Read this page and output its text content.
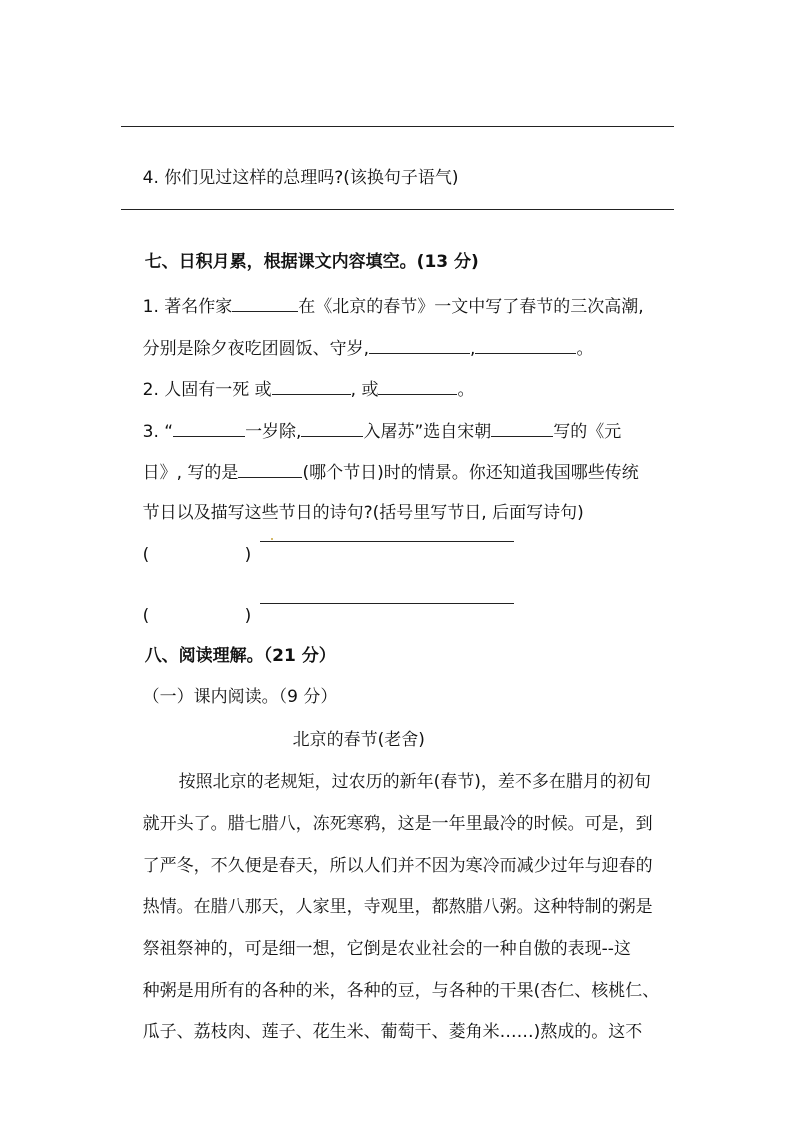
4. 你们见过这样的总理吗?(该换句子语气)

七、日积月累，根据课文内容填空。(13 分)

1. 著名作家	在《北京的春节》一文中写了春节的三次高潮,

分别是除夕夜吃团圆饭、守岁,	,	。

2. 人固有一死 或	, 或	。

3. “	一岁除,	入屠苏”选自宋朝	写的《元

日》, 写的是	(哪个节日)时的情景。你还知道我国哪些传统

节日以及描写这些节日的诗句?(括号里写节日, 后面写诗句)

(
	)

(
	)

八、阅读理解。（21 分）

（一）课内阅读。（9 分）

北京的春节(老舍)

按照北京的老规矩，过农历的新年(春节)，差不多在腊月的初旬

就开头了。腊七腊八，冻死寒鸦，这是一年里最冷的时候。可是，到

了严冬，不久便是春天，所以人们并不因为寒冷而减少过年与迎春的

热情。在腊八那天，人家里，寺观里，都熬腊八粥。这种特制的粥是

祭祖祭神的，可是细一想，它倒是农业社会的一种自傲的表现--这

种粥是用所有的各种的米，各种的豆，与各种的干果(杏仁、核桃仁、

瓜子、荔枝肉、莲子、花生米、葡萄干、菱角米……)熬成的。这不
